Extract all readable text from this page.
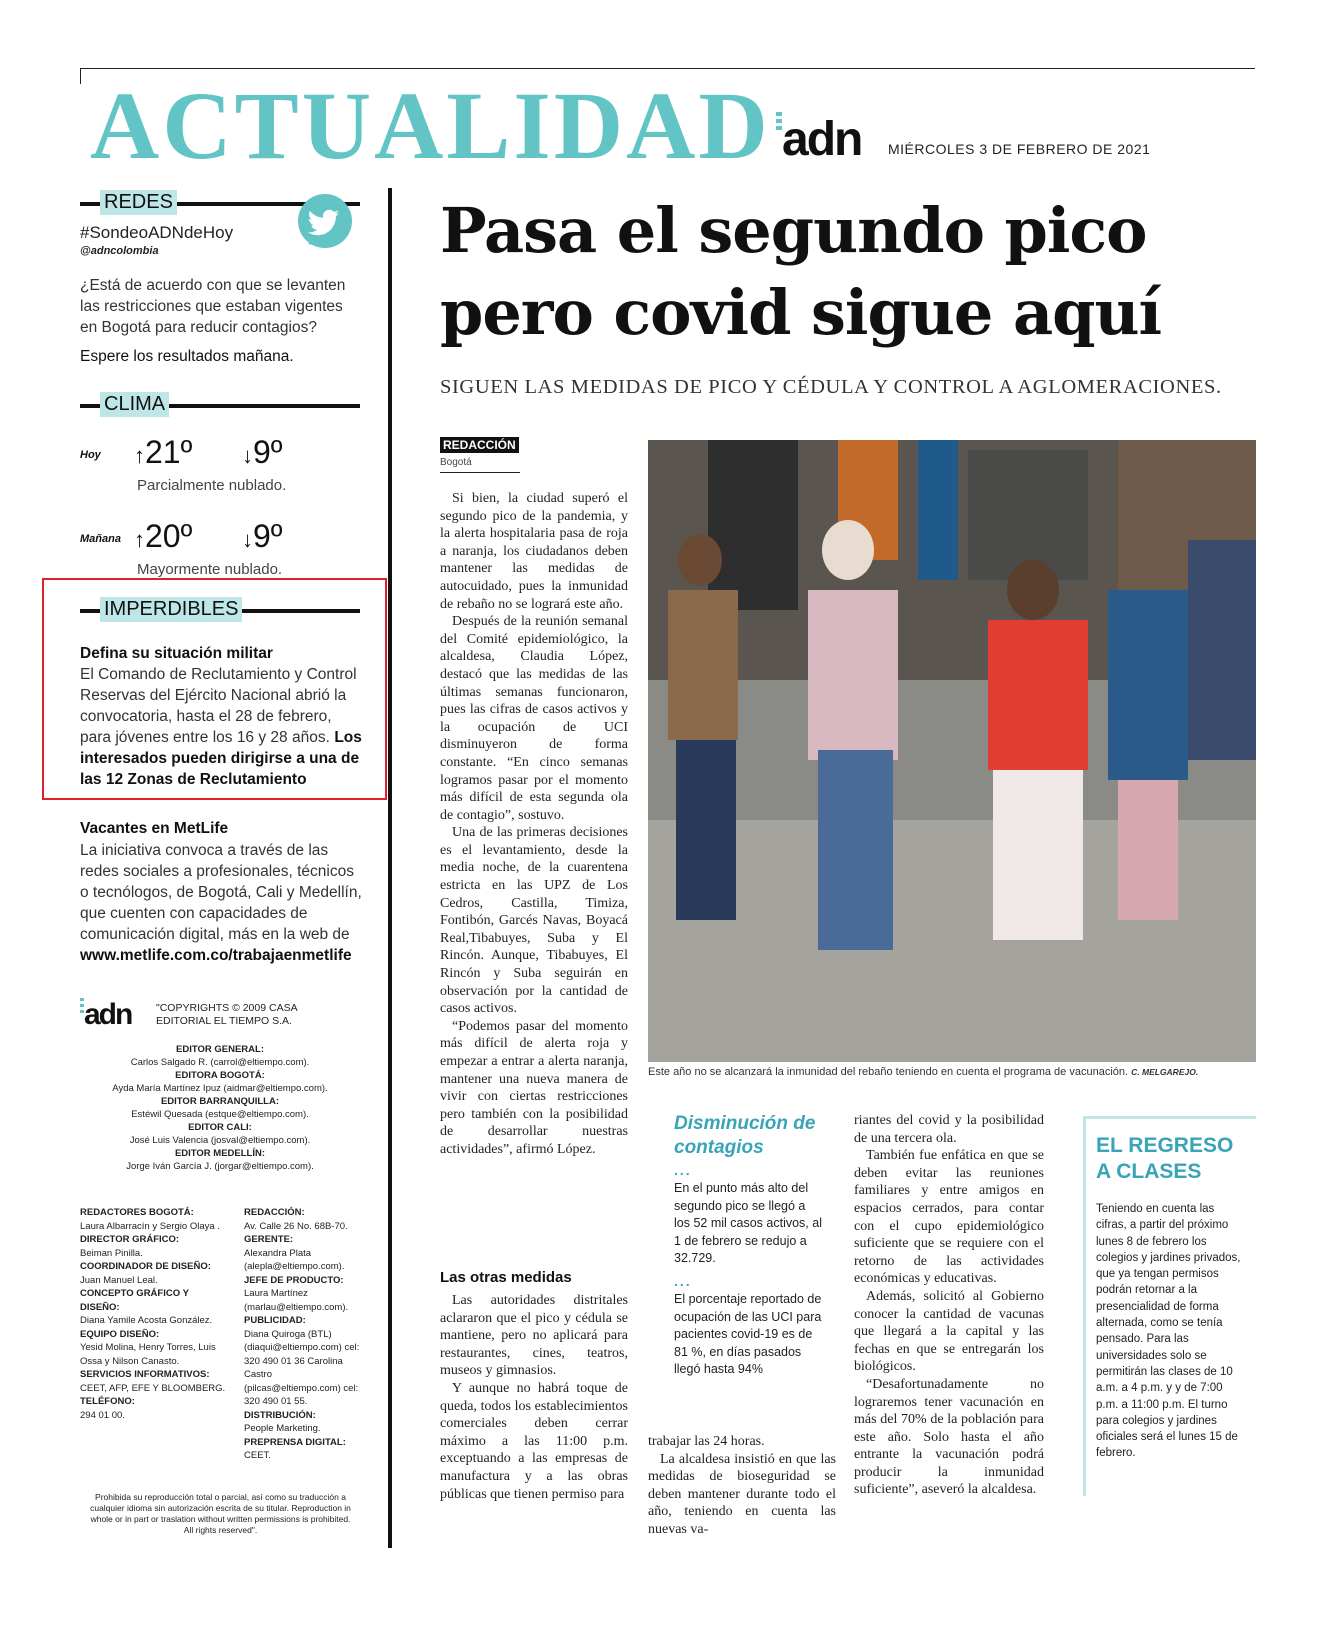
ACTUALIDAD adn MIÉRCOLES 3 DE FEBRERO DE 2021
REDES
#SondeoADNdeHoy
@adncolombia
¿Está de acuerdo con que se levanten las restricciones que estaban vigentes en Bogotá para reducir contagios?
Espere los resultados mañana.
CLIMA
Hoy ↑21º ↓9º
Parcialmente nublado.
Mañana ↑20º ↓9º
Mayormente nublado.
IMPERDIBLES
Defina su situación militar
El Comando de Reclutamiento y Control Reservas del Ejército Nacional abrió la convocatoria, hasta el 28 de febrero, para jóvenes entre los 16 y 28 años. Los interesados pueden dirigirse a una de las 12 Zonas de Reclutamiento
Vacantes en MetLife
La iniciativa convoca a través de las redes sociales a profesionales, técnicos o tecnólogos, de Bogotá, Cali y Medellín, que cuenten con capacidades de comunicación digital, más en la web de www.metlife.com.co/trabajaenmetlife
adn "COPYRIGHTS © 2009 CASA EDITORIAL EL TIEMPO S.A.
EDITOR GENERAL:
Carlos Salgado R. (carrol@eltiempo.com).
EDITORA BOGOTÁ:
Ayda María Martínez Ipuz (aidmar@eltiempo.com).
EDITOR BARRANQUILLA:
Estéwil Quesada (estque@eltiempo.com).
EDITOR CALI:
José Luis Valencia (josval@eltiempo.com).
EDITOR MEDELLÍN:
Jorge Iván García J. (jorgar@eltiempo.com).
REDACTORES BOGOTÁ:
Laura Albarracín y Sergio Olaya .
DIRECTOR GRÁFICO:
Beiman Pinilla.
COORDINADOR DE DISEÑO:
Juan Manuel Leal.
CONCEPTO GRÁFICO Y DISEÑO:
Diana Yamile Acosta González.
EQUIPO DISEÑO:
Yesid Molina, Henry Torres, Luis Ossa y Nilson Canasto.
SERVICIOS INFORMATIVOS:
CEET, AFP, EFE Y BLOOMBERG.
TELÉFONO:
294 01 00.
REDACCIÓN:
Av. Calle 26 No. 68B-70.
GERENTE:
Alexandra Plata (alepla@eltiempo.com).
JEFE DE PRODUCTO:
Laura Martínez (marlau@eltiempo.com).
PUBLICIDAD:
Diana Quiroga (BTL) (diaqui@eltiempo.com) cel: 320 490 01 36 Carolina Castro (pilcas@eltiempo.com) cel: 320 490 01 55.
DISTRIBUCIÓN:
People Marketing.
PREPRENSA DIGITAL:
CEET.
Prohibida su reproducción total o parcial, así como su traducción a cualquier idioma sin autorización escrita de su titular. Reproduction in whole or in part or traslation without written permissions is prohibited. All rights reserved".
Pasa el segundo pico pero covid sigue aquí
SIGUEN LAS MEDIDAS DE PICO Y CÉDULA Y CONTROL A AGLOMERACIONES.
REDACCIÓN
Bogotá

Si bien, la ciudad superó el segundo pico de la pandemia, y la alerta hospitalaria pasa de roja a naranja, los ciudadanos deben mantener las medidas de autocuidado, pues la inmunidad de rebaño no se logrará este año.

Después de la reunión semanal del Comité epidemiológico, la alcaldesa, Claudia López, destacó que las medidas de las últimas semanas funcionaron, pues las cifras de casos activos y la ocupación de UCI disminuyeron de forma constante. “En cinco semanas logramos pasar por el momento más difícil de esta segunda ola de contagio”, sostuvo.

Una de las primeras decisiones es el levantamiento, desde la media noche, de la cuarentena estricta en las UPZ de Los Cedros, Castilla, Timiza, Fontibón, Garcés Navas, Boyacá Real,Tibabuyes, Suba y El Rincón. Aunque, Tibabuyes, El Rincón y Suba seguirán en observación por la cantidad de casos activos.

“Podemos pasar del momento más difícil de alerta roja y empezar a entrar a alerta naranja, mantener una nueva manera de vivir con ciertas restricciones pero también con la posibilidad de desarrollar nuestras actividades”, afirmó López.

Las otras medidas

Las autoridades distritales aclararon que el pico y cédula se mantiene, pero no aplicará para restaurantes, cines, teatros, museos y gimnasios.

Y aunque no habrá toque de queda, todos los establecimientos comerciales deben cerrar máximo a las 11:00 p.m. exceptuando a las empresas de manufactura y a las obras públicas que tienen permiso para

Este año no se alcanzará la inmunidad del rebaño teniendo en cuenta el programa de vacunación. C. MELGAREJO.
Disminución de contagios
...
En el punto más alto del segundo pico se llegó a los 52 mil casos activos, al 1 de febrero se redujo a 32.729.
...
El porcentaje reportado de ocupación de las UCI para pacientes covid-19 es de 81 %, en días pasados llegó hasta 94%

trabajar las 24 horas.

La alcaldesa insistió en que las medidas de bioseguridad se deben mantener durante todo el año, teniendo en cuenta las nuevas va-

riantes del covid y la posibilidad de una tercera ola.

También fue enfática en que se deben evitar las reuniones familiares y entre amigos en espacios cerrados, para contar con el cupo epidemiológico suficiente que se requiere con el retorno de las actividades económicas y educativas.

Además, solicitó al Gobierno conocer la cantidad de vacunas que llegará a la capital y las fechas en que se entregarán los biológicos.

“Desafortunadamente no lograremos tener vacunación en más del 70% de la población para este año. Solo hasta el año entrante la vacunación podrá producir la inmunidad suficiente”, aseveró la alcaldesa.

EL REGRESO A CLASES
Teniendo en cuenta las cifras, a partir del próximo lunes 8 de febrero los colegios y jardines privados, que ya tengan permisos podrán retornar a la presencialidad de forma alternada, como se tenía pensado. Para las universidades solo se permitirán las clases de 10 a.m. a 4 p.m. y y de 7:00 p.m. a 11:00 p.m. El turno para colegios y jardines oficiales será el lunes 15 de febrero.
